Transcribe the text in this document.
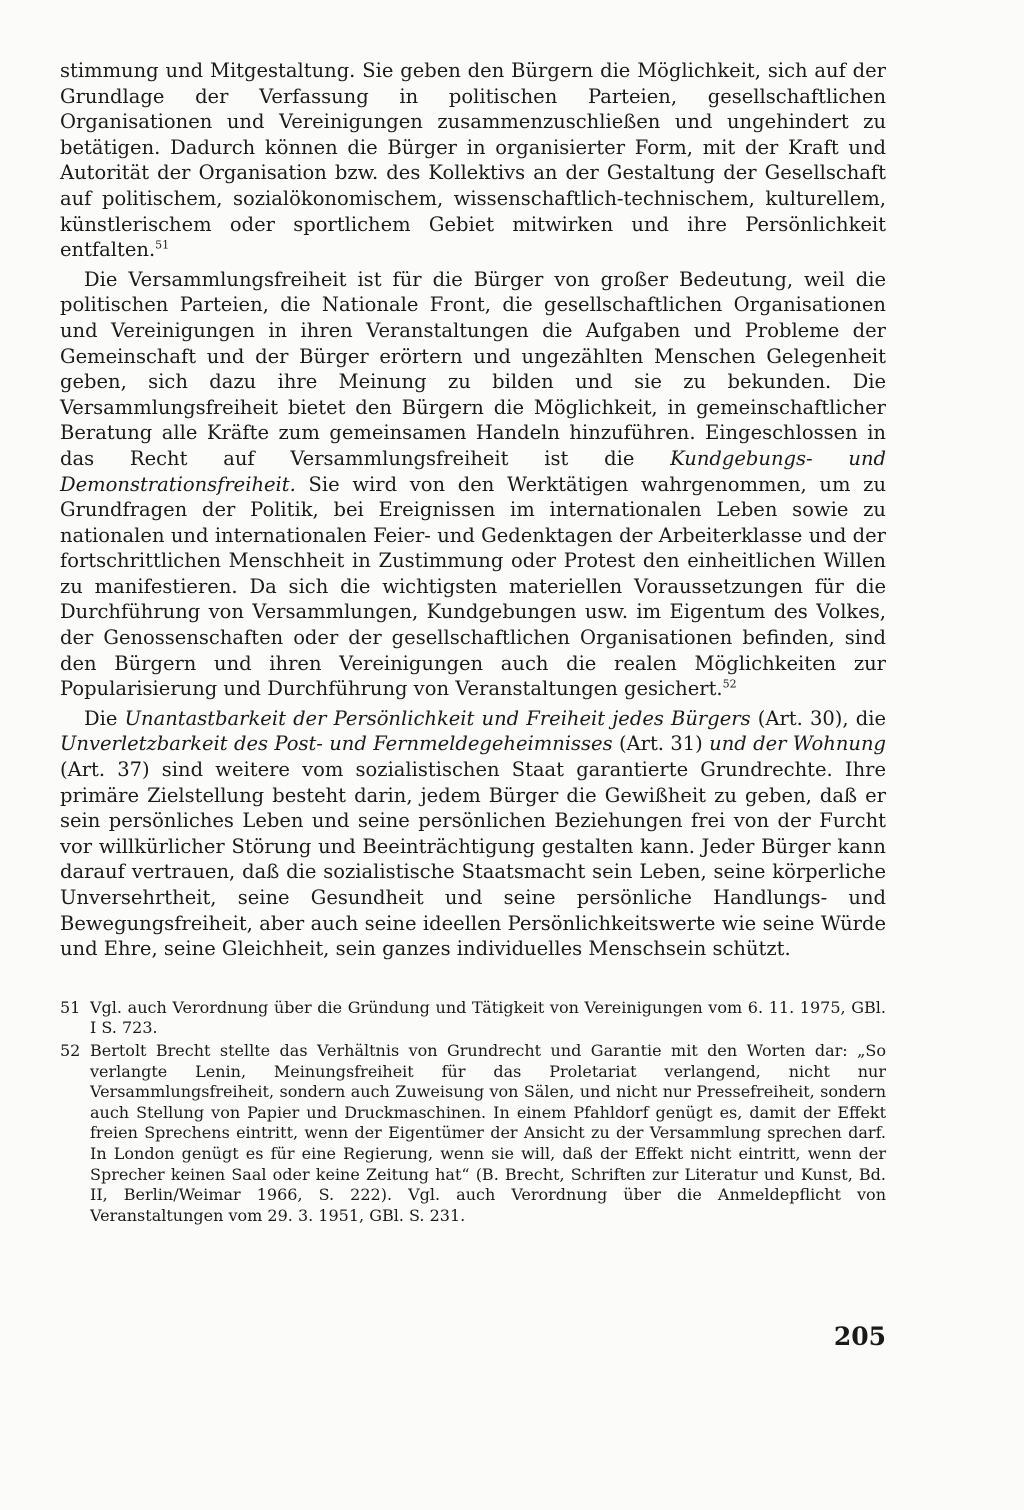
stimmung und Mitgestaltung. Sie geben den Bürgern die Möglichkeit, sich auf der Grundlage der Verfassung in politischen Parteien, gesellschaftlichen Organisationen und Vereinigungen zusammenzuschließen und ungehindert zu betätigen. Dadurch können die Bürger in organisierter Form, mit der Kraft und Autorität der Organisation bzw. des Kollektivs an der Gestaltung der Gesellschaft auf politischem, sozialökonomischem, wissenschaftlich-technischem, kulturellem, künstlerischem oder sportlichem Gebiet mitwirken und ihre Persönlichkeit entfalten.$^{51}$

Die Versammlungsfreiheit ist für die Bürger von großer Bedeutung, weil die politischen Parteien, die Nationale Front, die gesellschaftlichen Organisationen und Vereinigungen in ihren Veranstaltungen die Aufgaben und Probleme der Gemeinschaft und der Bürger erörtern und ungezählten Menschen Gelegenheit geben, sich dazu ihre Meinung zu bilden und sie zu bekunden. Die Versammlungsfreiheit bietet den Bürgern die Möglichkeit, in gemeinschaftlicher Beratung alle Kräfte zum gemeinsamen Handeln hinzuführen. Eingeschlossen in das Recht auf Versammlungsfreiheit ist die Kundgebungs- und Demonstrationsfreiheit. Sie wird von den Werktätigen wahrgenommen, um zu Grundfragen der Politik, bei Ereignissen im internationalen Leben sowie zu nationalen und internationalen Feier- und Gedenktagen der Arbeiterklasse und der fortschrittlichen Menschheit in Zustimmung oder Protest den einheitlichen Willen zu manifestieren. Da sich die wichtigsten materiellen Voraussetzungen für die Durchführung von Versammlungen, Kundgebungen usw. im Eigentum des Volkes, der Genossenschaften oder der gesellschaftlichen Organisationen befinden, sind den Bürgern und ihren Vereinigungen auch die realen Möglichkeiten zur Popularisierung und Durchführung von Veranstaltungen gesichert.$^{52}$

Die Unantastbarkeit der Persönlichkeit und Freiheit jedes Bürgers (Art. 30), die Unverletzbarkeit des Post- und Fernmeldegeheimnisses (Art. 31) und der Wohnung (Art. 37) sind weitere vom sozialistischen Staat garantierte Grundrechte. Ihre primäre Zielstellung besteht darin, jedem Bürger die Gewißheit zu geben, daß er sein persönliches Leben und seine persönlichen Beziehungen frei von der Furcht vor willkürlicher Störung und Beeinträchtigung gestalten kann. Jeder Bürger kann darauf vertrauen, daß die sozialistische Staatsmacht sein Leben, seine körperliche Unversehrtheit, seine Gesundheit und seine persönliche Handlungs- und Bewegungsfreiheit, aber auch seine ideellen Persönlichkeitswerte wie seine Würde und Ehre, seine Gleichheit, sein ganzes individuelles Menschsein schützt.

51 Vgl. auch Verordnung über die Gründung und Tätigkeit von Vereinigungen vom 6. 11. 1975, GBl. I S. 723.
52 Bertolt Brecht stellte das Verhältnis von Grundrecht und Garantie mit den Worten dar: „So verlangte Lenin, Meinungsfreiheit für das Proletariat verlangend, nicht nur Versammlungsfreiheit, sondern auch Zuweisung von Sälen, und nicht nur Pressefreiheit, sondern auch Stellung von Papier und Druckmaschinen. In einem Pfahldorf genügt es, damit der Effekt freien Sprechens eintritt, wenn der Eigentümer der Ansicht zu der Versammlung sprechen darf. In London genügt es für eine Regierung, wenn sie will, daß der Effekt nicht eintritt, wenn der Sprecher keinen Saal oder keine Zeitung hat“ (B. Brecht, Schriften zur Literatur und Kunst, Bd. II, Berlin/Weimar 1966, S. 222). Vgl. auch Verordnung über die Anmeldepflicht von Veranstaltungen vom 29. 3. 1951, GBl. S. 231.
205
